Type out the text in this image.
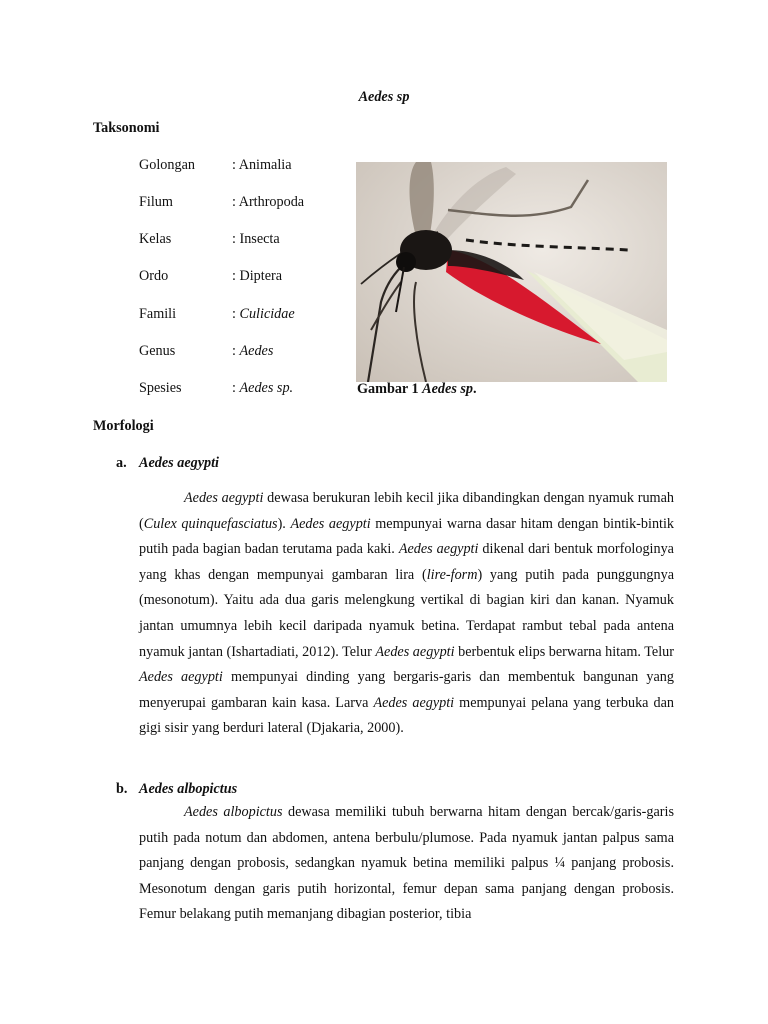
Aedes sp
Taksonomi
Golongan	: Animalia
Filum	: Arthropoda
Kelas	: Insecta
Ordo	: Diptera
Famili	: Culicidae
Genus	: Aedes
Spesies	: Aedes sp.	Gambar 1 Aedes sp.
Morfologi
a. Aedes aegypti

Aedes aegypti dewasa berukuran lebih kecil jika dibandingkan dengan nyamuk rumah (Culex quinquefasciatus). Aedes aegypti mempunyai warna dasar hitam dengan bintik-bintik putih pada bagian badan terutama pada kaki. Aedes aegypti dikenal dari bentuk morfologinya yang khas dengan mempunyai gambaran lira (lire-form) yang putih pada punggungnya (mesonotum). Yaitu ada dua garis melengkung vertikal di bagian kiri dan kanan. Nyamuk jantan umumnya lebih kecil daripada nyamuk betina. Terdapat rambut tebal pada antena nyamuk jantan (Ishartadiati, 2012). Telur Aedes aegypti berbentuk elips berwarna hitam. Telur Aedes aegypti mempunyai dinding yang bergaris-garis dan membentuk bangunan yang menyerupai gambaran kain kasa. Larva Aedes aegypti mempunyai pelana yang terbuka dan gigi sisir yang berduri lateral (Djakaria, 2000).

b. Aedes albopictus

Aedes albopictus dewasa memiliki tubuh berwarna hitam dengan bercak/garis-garis putih pada notum dan abdomen, antena berbulu/plumose. Pada nyamuk jantan palpus sama panjang dengan probosis, sedangkan nyamuk betina memiliki palpus ¼ panjang probosis. Mesonotum dengan garis putih horizontal, femur depan sama panjang dengan probosis. Femur belakang putih memanjang dibagian posterior, tibia
